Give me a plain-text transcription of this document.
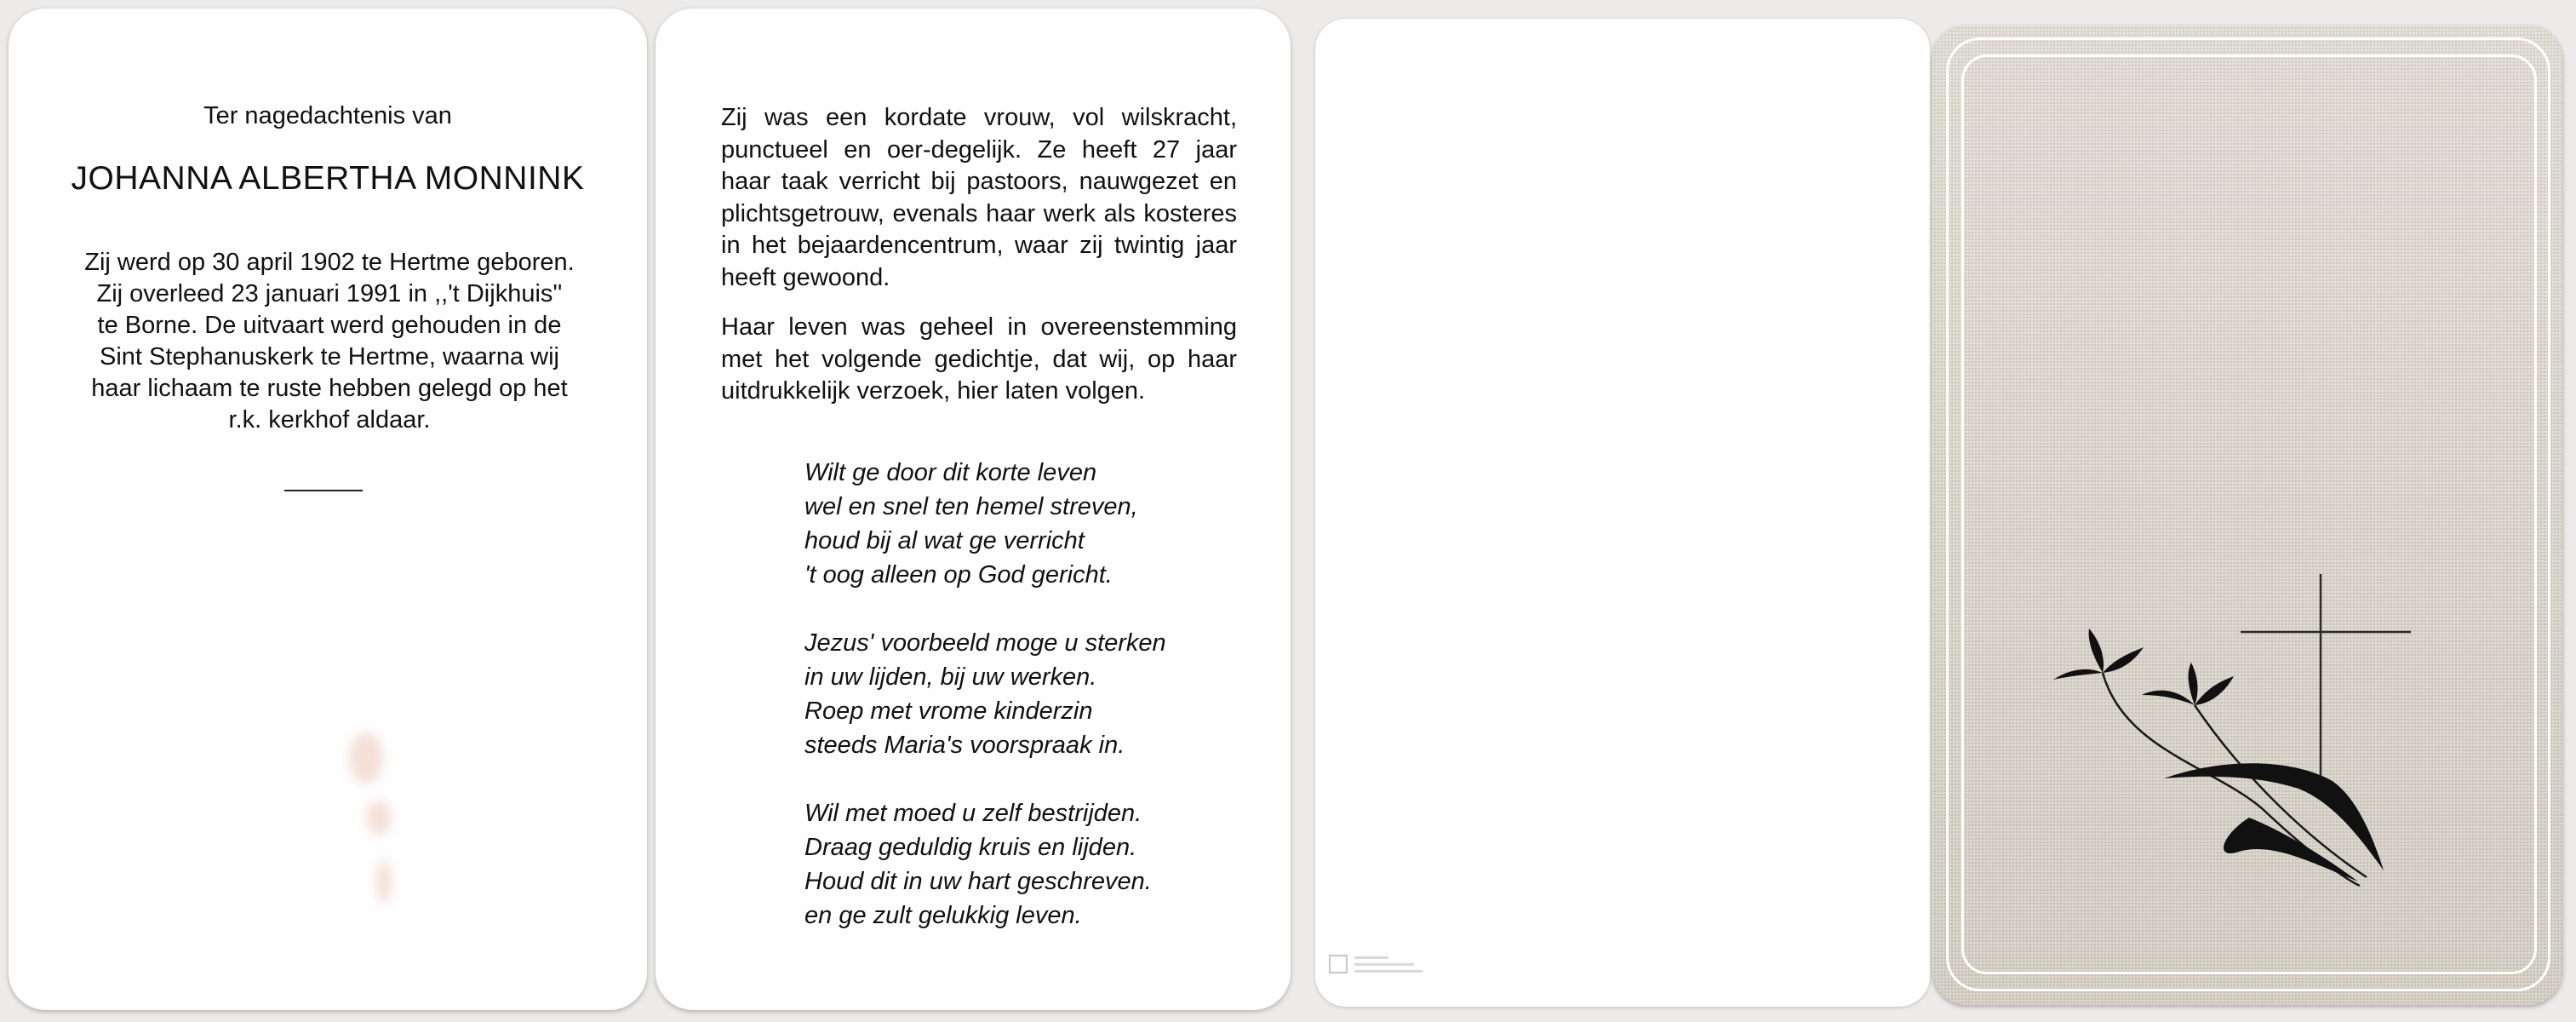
Ter nagedachtenis van
JOHANNA ALBERTHA MONNINK
Zij werd op 30 april 1902 te Hertme geboren.
Zij overleed 23 januari 1991 in ,,'t Dijkhuis''
te Borne. De uitvaart werd gehouden in de
Sint Stephanuskerk te Hertme, waarna wij
haar lichaam te ruste hebben gelegd op het
r.k. kerkhof aldaar.
Zij was een kordate vrouw, vol wilskracht, punctueel en oer-degelijk. Ze heeft 27 jaar haar taak verricht bij pastoors, nauwgezet en plichtsgetrouw, evenals haar werk als kosteres in het bejaardencentrum, waar zij twintig jaar heeft gewoond.
Haar leven was geheel in overeenstemming met het volgende gedichtje, dat wij, op haar uitdrukkelijk verzoek, hier laten volgen.
Wilt ge door dit korte leven
wel en snel ten hemel streven,
houd bij al wat ge verricht
't oog alleen op God gericht.
Jezus' voorbeeld moge u sterken
in uw lijden, bij uw werken.
Roep met vrome kinderzin
steeds Maria's voorspraak in.
Wil met moed u zelf bestrijden.
Draag geduldig kruis en lijden.
Houd dit in uw hart geschreven.
en ge zult gelukkig leven.
